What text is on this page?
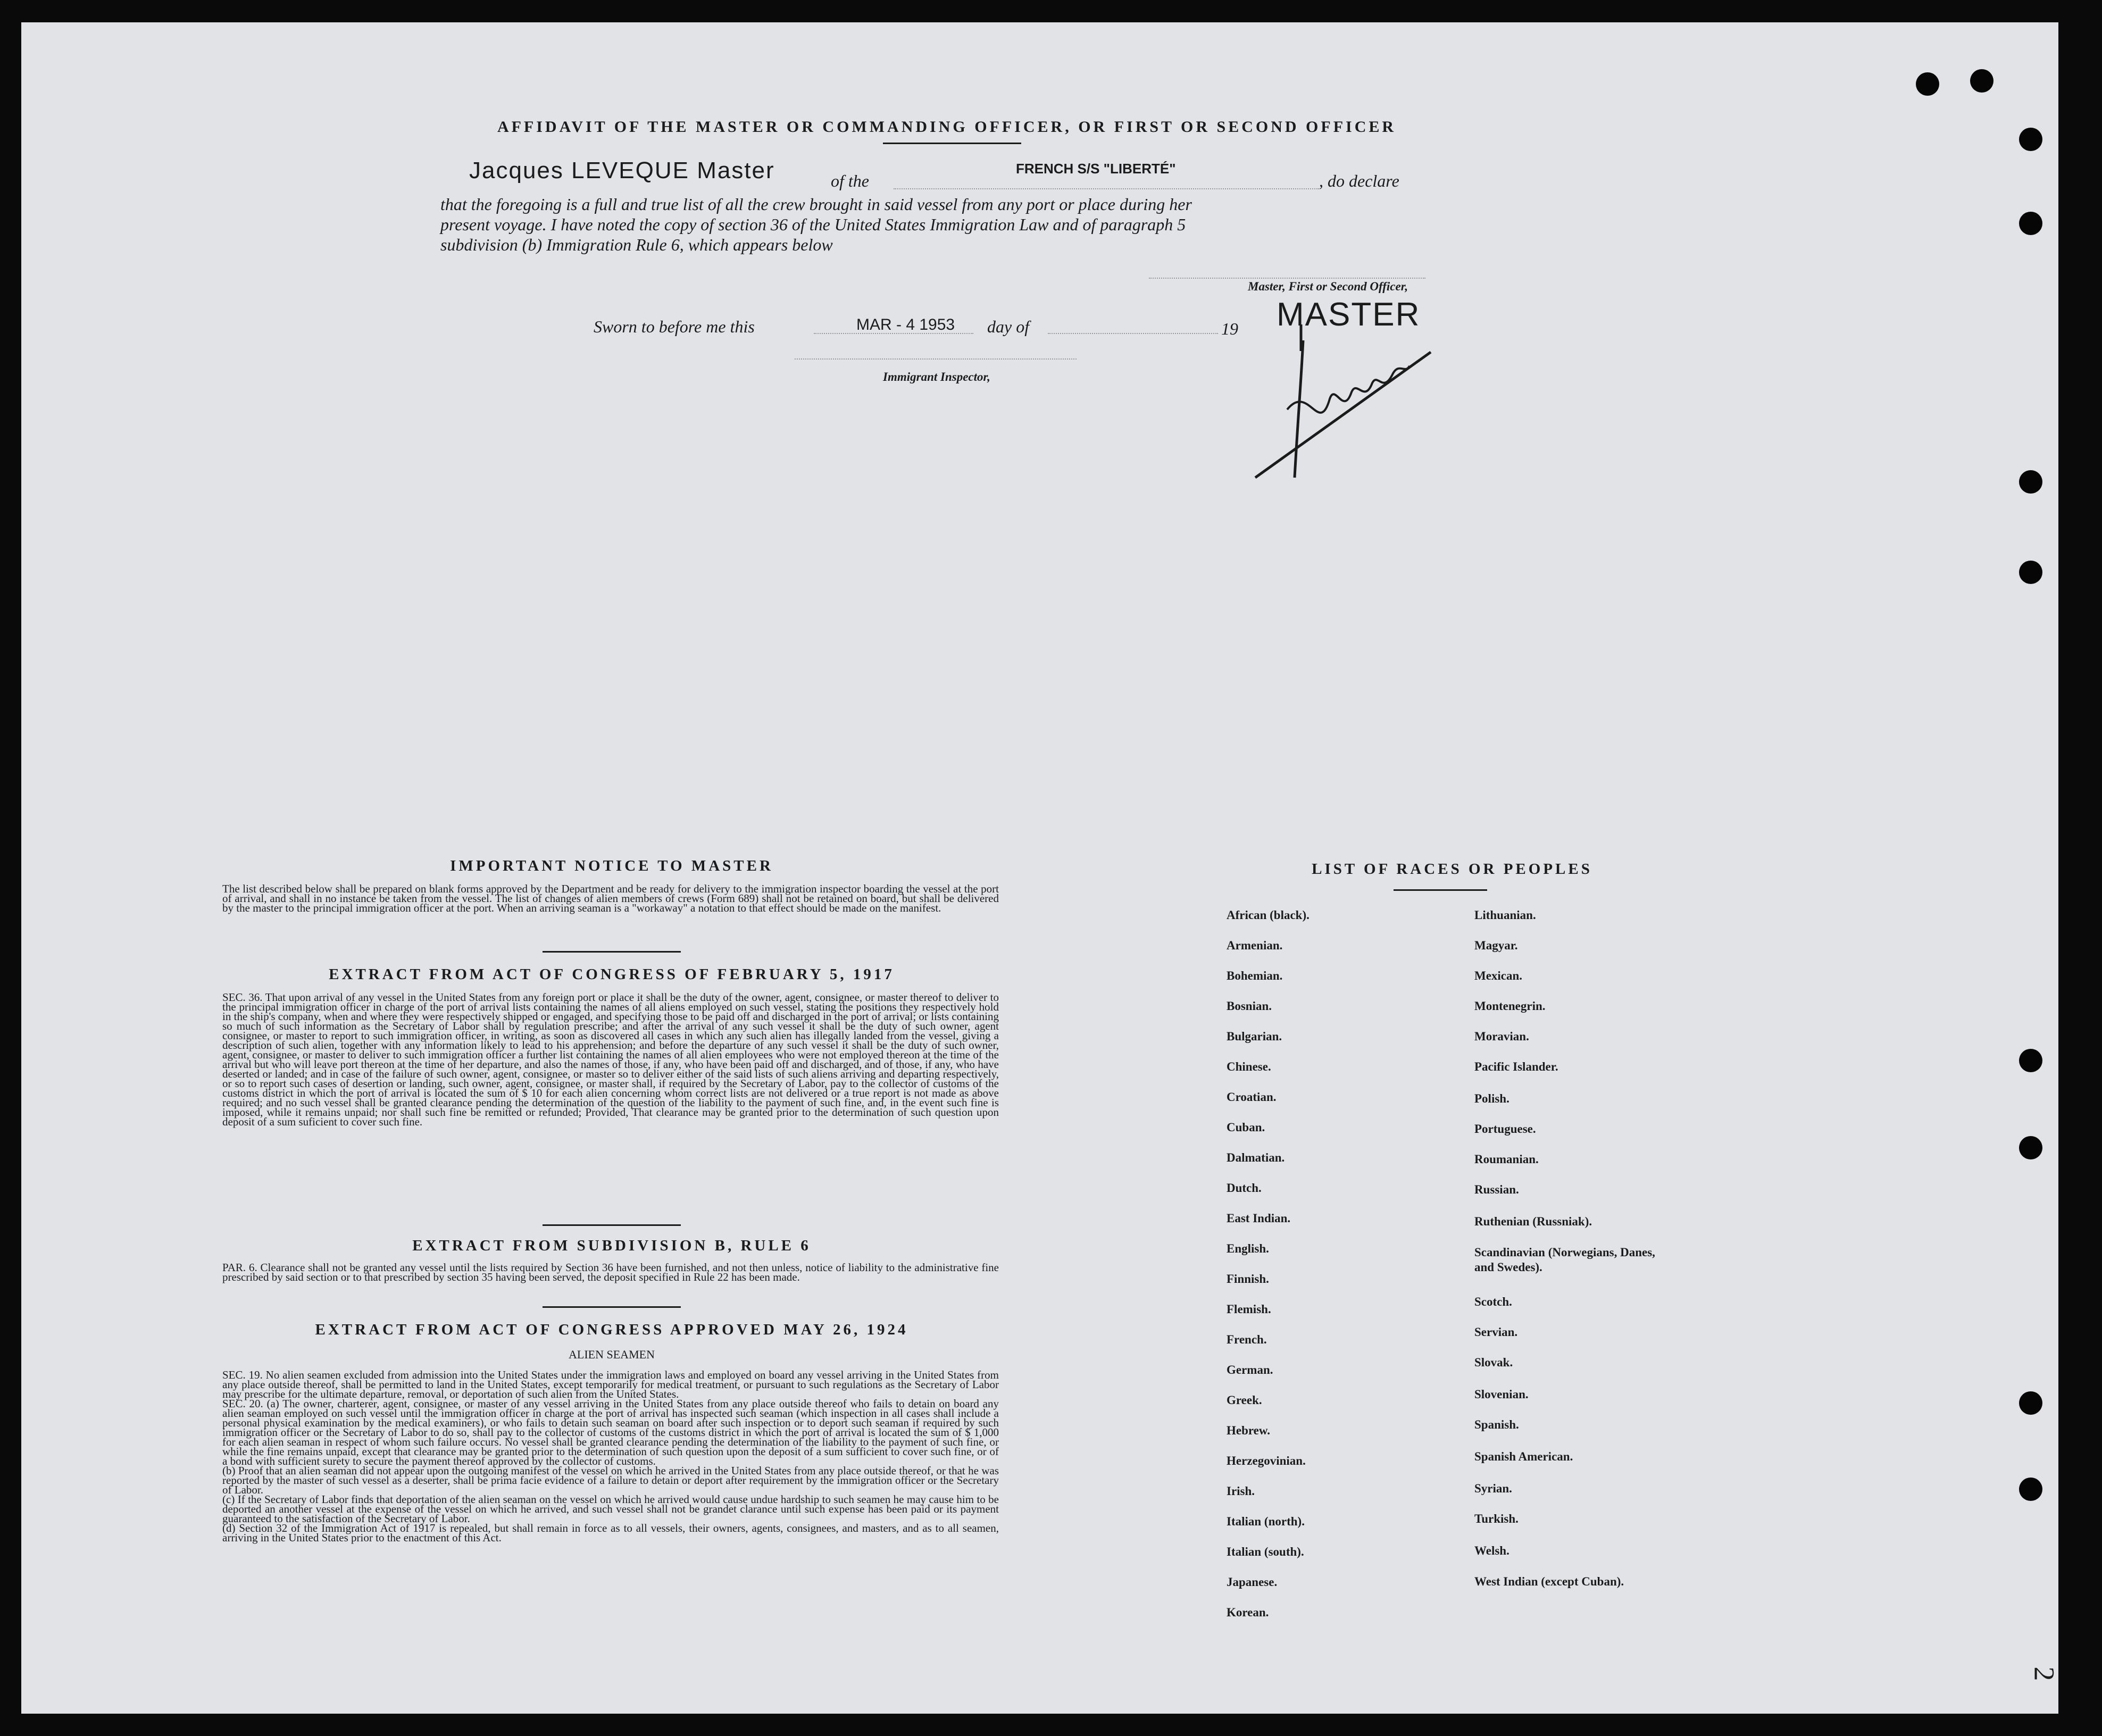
AFFIDAVIT OF THE MASTER OR COMMANDING OFFICER, OR FIRST OR SECOND OFFICER
Jacques LEVEQUE Master	of the
FRENCH S/S "LIBERTÉ"
, do declare
that the foregoing is a full and true list of all the crew brought in said vessel from any port or place during her
present voyage. I have noted the copy of section 36 of the United States Immigration Law and of paragraph 5
subdivision (b) Immigration Rule 6, which appears below
Master, First or Second Officer,
Sworn to before me this	MAR - 4 1953 day of	19 MASTER
Immigrant Inspector,
IMPORTANT NOTICE TO MASTER
The list described below shall be prepared on blank forms approved by the Department and be ready for delivery to the immigration inspector boarding the vessel at the port of arrival, and shall in no instance be taken from the vessel. The list of changes of alien members of crews (Form 689) shall not be retained on board, but shall be delivered by the master to the principal immigration officer at the port. When an arriving seaman is a "workaway" a notation to that effect should be made on the manifest.
EXTRACT FROM ACT OF CONGRESS OF FEBRUARY 5, 1917
SEC. 36. That upon arrival of any vessel in the United States from any foreign port or place it shall be the duty of the owner, agent, consignee, or master thereof to deliver to the principal immigration officer in charge of the port of arrival lists containing the names of all aliens employed on such vessel, stating the positions they respectively hold in the ship's company, when and where they were respectively shipped or engaged, and specifying those to be paid off and discharged in the port of arrival; or lists containing so much of such information as the Secretary of Labor shall by regulation prescribe; and after the arrival of any such vessel it shall be the duty of such owner, agent consignee, or master to report to such immigration officer, in writing, as soon as discovered all cases in which any such alien has illegally landed from the vessel, giving a description of such alien, together with any information likely to lead to his apprehension; and before the departure of any such vessel it shall be the duty of such owner, agent, consignee, or master to deliver to such immigration officer a further list containing the names of all alien employees who were not employed thereon at the time of the arrival but who will leave port thereon at the time of her departure, and also the names of those, if any, who have been paid off and discharged, and of those, if any, who have deserted or landed; and in case of the failure of such owner, agent, consignee, or master so to deliver either of the said lists of such aliens arriving and departing respectively, or so to report such cases of desertion or landing, such owner, agent, consignee, or master shall, if required by the Secretary of Labor, pay to the collector of customs of the customs district in which the port of arrival is located the sum of $ 10 for each alien concerning whom correct lists are not delivered or a true report is not made as above required; and no such vessel shall be granted clearance pending the determination of the question of the liability to the payment of such fine, and, in the event such fine is imposed, while it remains unpaid; nor shall such fine be remitted or refunded; Provided, That clearance may be granted prior to the determination of such question upon deposit of a sum suficient to cover such fine.
EXTRACT FROM SUBDIVISION B, RULE 6
PAR. 6. Clearance shall not be granted any vessel until the lists required by Section 36 have been furnished, and not then unless, notice of liability to the administrative fine prescribed by said section or to that prescribed by section 35 having been served, the deposit specified in Rule 22 has been made.
EXTRACT FROM ACT OF CONGRESS APPROVED MAY 26, 1924
ALIEN SEAMEN
SEC. 19. No alien seamen excluded from admission into the United States under the immigration laws and employed on board any vessel arriving in the United States from any place outside thereof, shall be permitted to land in the United States, except temporarily for medical treatment, or pursuant to such regulations as the Secretary of Labor may prescribe for the ultimate departure, removal, or deportation of such alien from the United States.
SEC. 20. (a) The owner, charterer, agent, consignee, or master of any vessel arriving in the United States from any place outside thereof who fails to detain on board any alien seaman employed on such vessel until the immigration officer in charge at the port of arrival has inspected such seaman (which inspection in all cases shall include a personal physical examination by the medical examiners), or who fails to detain such seaman on board after such inspection or to deport such seaman if required by such immigration officer or the Secretary of Labor to do so, shall pay to the collector of customs of the customs district in which the port of arrival is located the sum of $ 1,000 for each alien seaman in respect of whom such failure occurs. No vessel shall be granted clearance pending the determination of the liability to the payment of such fine, or while the fine remains unpaid, except that clearance may be granted prior to the determination of such question upon the deposit of a sum sufficient to cover such fine, or of a bond with sufficient surety to secure the payment thereof approved by the collector of customs.
(b) Proof that an alien seaman did not appear upon the outgoing manifest of the vessel on which he arrived in the United States from any place outside thereof, or that he was reported by the master of such vessel as a deserter, shall be prima facie evidence of a failure to detain or deport after requirement by the immigration officer or the Secretary of Labor.
(c) If the Secretary of Labor finds that deportation of the alien seaman on the vessel on which he arrived would cause undue hardship to such seamen he may cause him to be deported an another vessel at the expense of the vessel on which he arrived, and such vessel shall not be grandet clarance until such expense has been paid or its payment guaranteed to the satisfaction of the Secretary of Labor.
(d) Section 32 of the Immigration Act of 1917 is repealed, but shall remain in force as to all vessels, their owners, agents, consignees, and masters, and as to all seamen, arriving in the United States prior to the enactment of this Act.
LIST OF RACES OR PEOPLES
African (black).
Armenian.
Bohemian.
Bosnian.
Bulgarian.
Chinese.
Croatian.
Cuban.
Dalmatian.
Dutch.
East Indian.
English.
Finnish.
Flemish.
French.
German.
Greek.
Hebrew.
Herzegovinian.
Irish.
Italian (north).
Italian (south).
Japanese.
Korean.
Lithuanian.
Magyar.
Mexican.
Montenegrin.
Moravian.
Pacific Islander.
Polish.
Portuguese.
Roumanian.
Russian.
Ruthenian (Russniak).
Scandinavian (Norwegians, Danes, and Swedes).
Scotch.
Servian.
Slovak.
Slovenian.
Spanish.
Spanish American.
Syrian.
Turkish.
Welsh.
West Indian (except Cuban).
2
